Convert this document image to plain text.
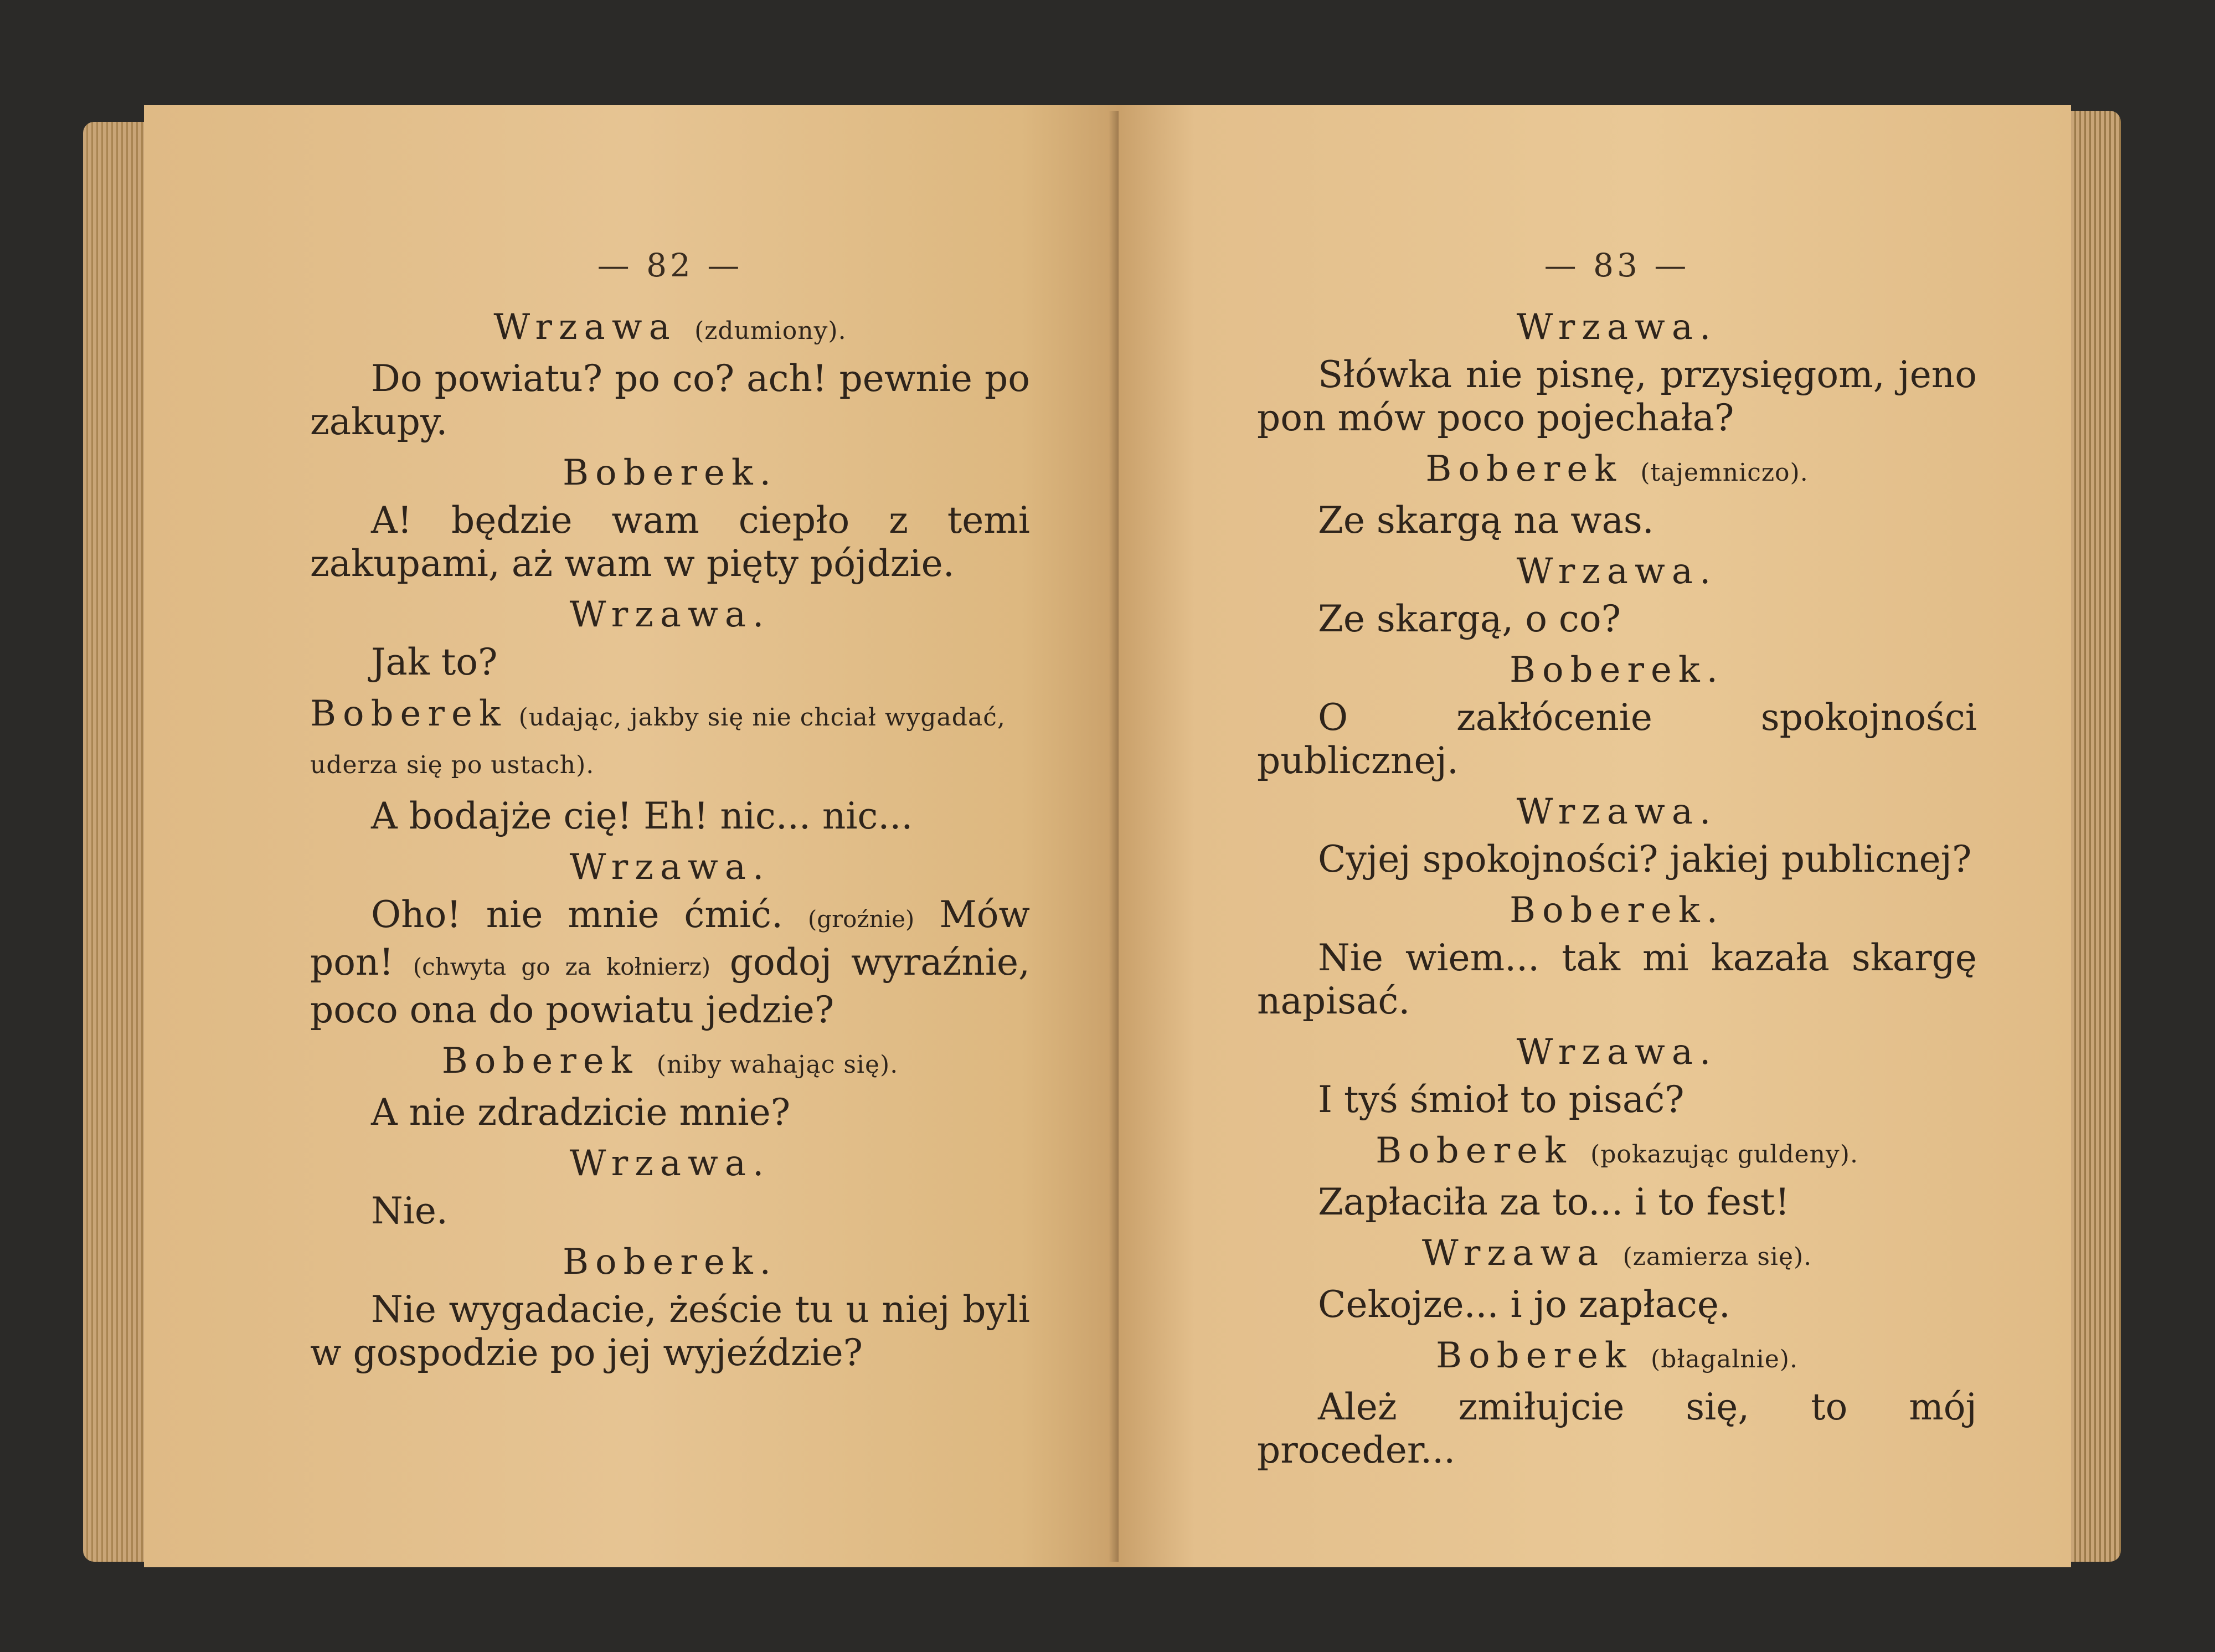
— 82 —
Wrzawa (zdumiony).

Do powiatu? po co? ach! pewnie po zakupy.

Boberek.

A! będzie wam ciepło z temi zakupami, aż wam w pięty pójdzie.

Wrzawa.

Jak to?

Boberek (udając, jakby się nie chciał wygadać, uderza się po ustach).

A bodajże cię! Eh! nic... nic...

Wrzawa.

Oho! nie mnie ćmić. (groźnie) Mów pon! (chwyta go za kołnierz) godoj wyraźnie, poco ona do powiatu jedzie?

Boberek (niby wahając się).

A nie zdradzicie mnie?

Wrzawa.

Nie.

Boberek.

Nie wygadacie, żeście tu u niej byli w gospodzie po jej wyjeździe?

— 83 —
Wrzawa.

Słówka nie pisnę, przysięgom, jeno pon mów poco pojechała?

Boberek (tajemniczo).

Ze skargą na was.

Wrzawa.

Ze skargą, o co?

Boberek.

O zakłócenie spokojności publicznej.

Wrzawa.

Cyjej spokojności? jakiej publicnej?

Boberek.

Nie wiem... tak mi kazała skargę napisać.

Wrzawa.

I tyś śmioł to pisać?

Boberek (pokazując guldeny).

Zapłaciła za to... i to fest!

Wrzawa (zamierza się).

Cekojze... i jo zapłacę.

Boberek (błagalnie).

Ależ zmiłujcie się, to mój proceder...
